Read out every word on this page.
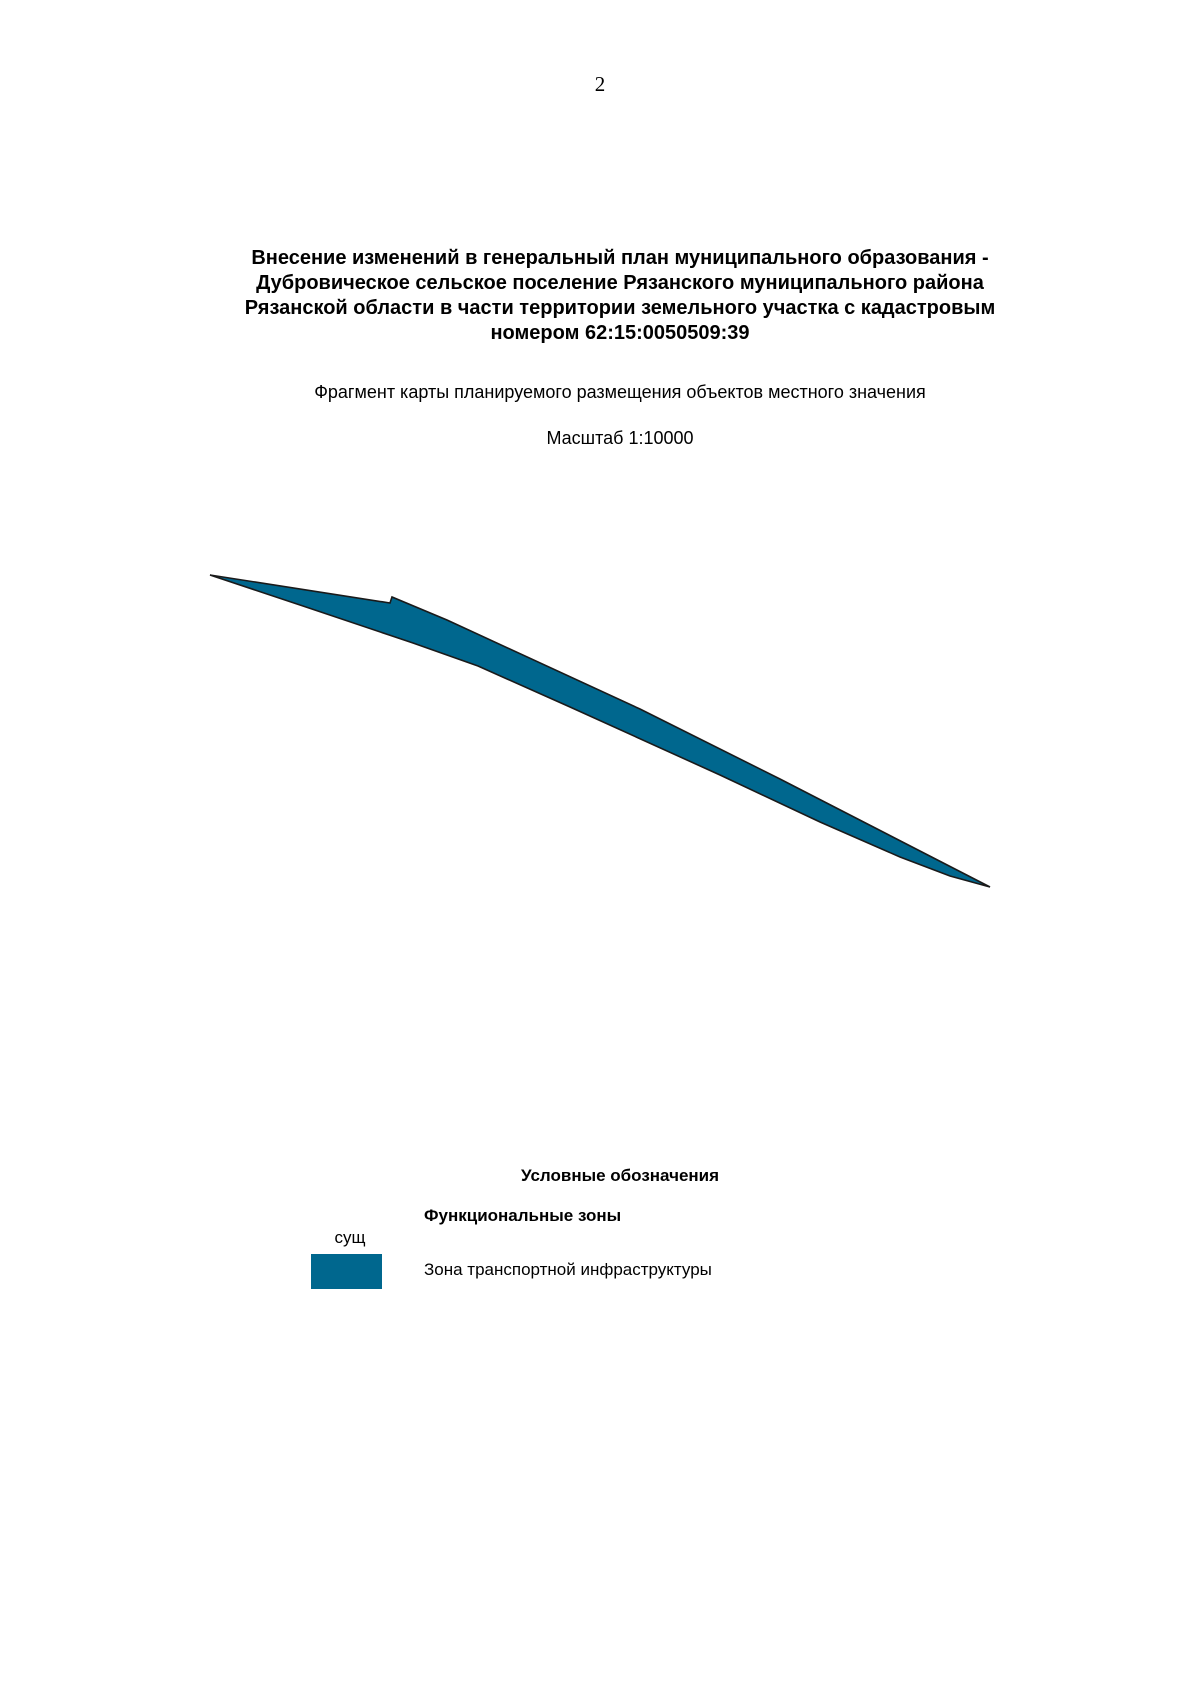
2
Внесение изменений в генеральный план муниципального образования -
Дубровическое сельское поселение Рязанского муниципального района
Рязанской области в части территории земельного участка с кадастровым
номером 62:15:0050509:39
Фрагмент карты планируемого размещения объектов местного значения
Масштаб 1:10000
Условные обозначения
Функциональные зоны
сущ
Зона транспортной инфраструктуры
